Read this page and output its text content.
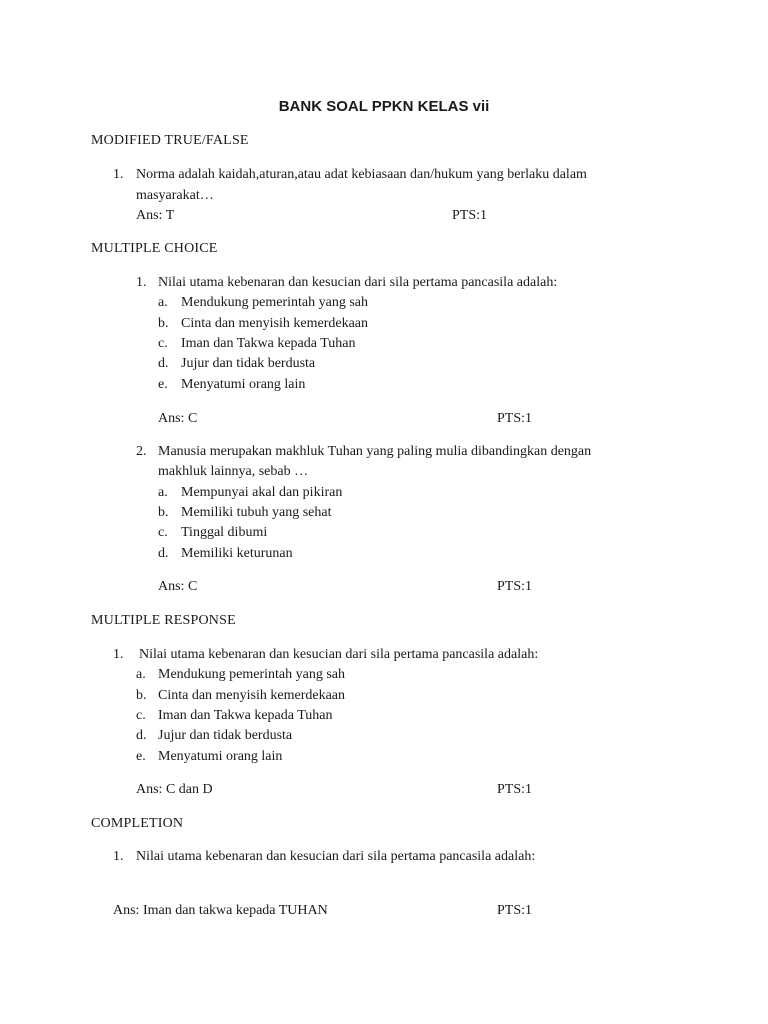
BANK SOAL PPKN KELAS vii
MODIFIED TRUE/FALSE
1. Norma adalah kaidah,aturan,atau adat kebiasaan dan/hukum yang berlaku dalam
masyarakat…
Ans: T	PTS:1
MULTIPLE CHOICE
1. Nilai utama kebenaran dan kesucian dari sila pertama pancasila adalah:
a. Mendukung pemerintah yang sah
b. Cinta dan menyisih kemerdekaan
c. Iman dan Takwa kepada Tuhan
d. Jujur dan tidak berdusta
e. Menyatumi orang lain
Ans: C	PTS:1
2. Manusia merupakan makhluk Tuhan yang paling mulia dibandingkan dengan
makhluk lainnya, sebab …
a. Mempunyai akal dan pikiran
b. Memiliki tubuh yang sehat
c. Tinggal dibumi
d. Memiliki keturunan
Ans: C	PTS:1
MULTIPLE RESPONSE
1. Nilai utama kebenaran dan kesucian dari sila pertama pancasila adalah:
a. Mendukung pemerintah yang sah
b. Cinta dan menyisih kemerdekaan
c. Iman dan Takwa kepada Tuhan
d. Jujur dan tidak berdusta
e. Menyatumi orang lain
Ans: C dan D	PTS:1
COMPLETION
1. Nilai utama kebenaran dan kesucian dari sila pertama pancasila adalah:
Ans: Iman dan takwa kepada TUHAN	PTS:1
